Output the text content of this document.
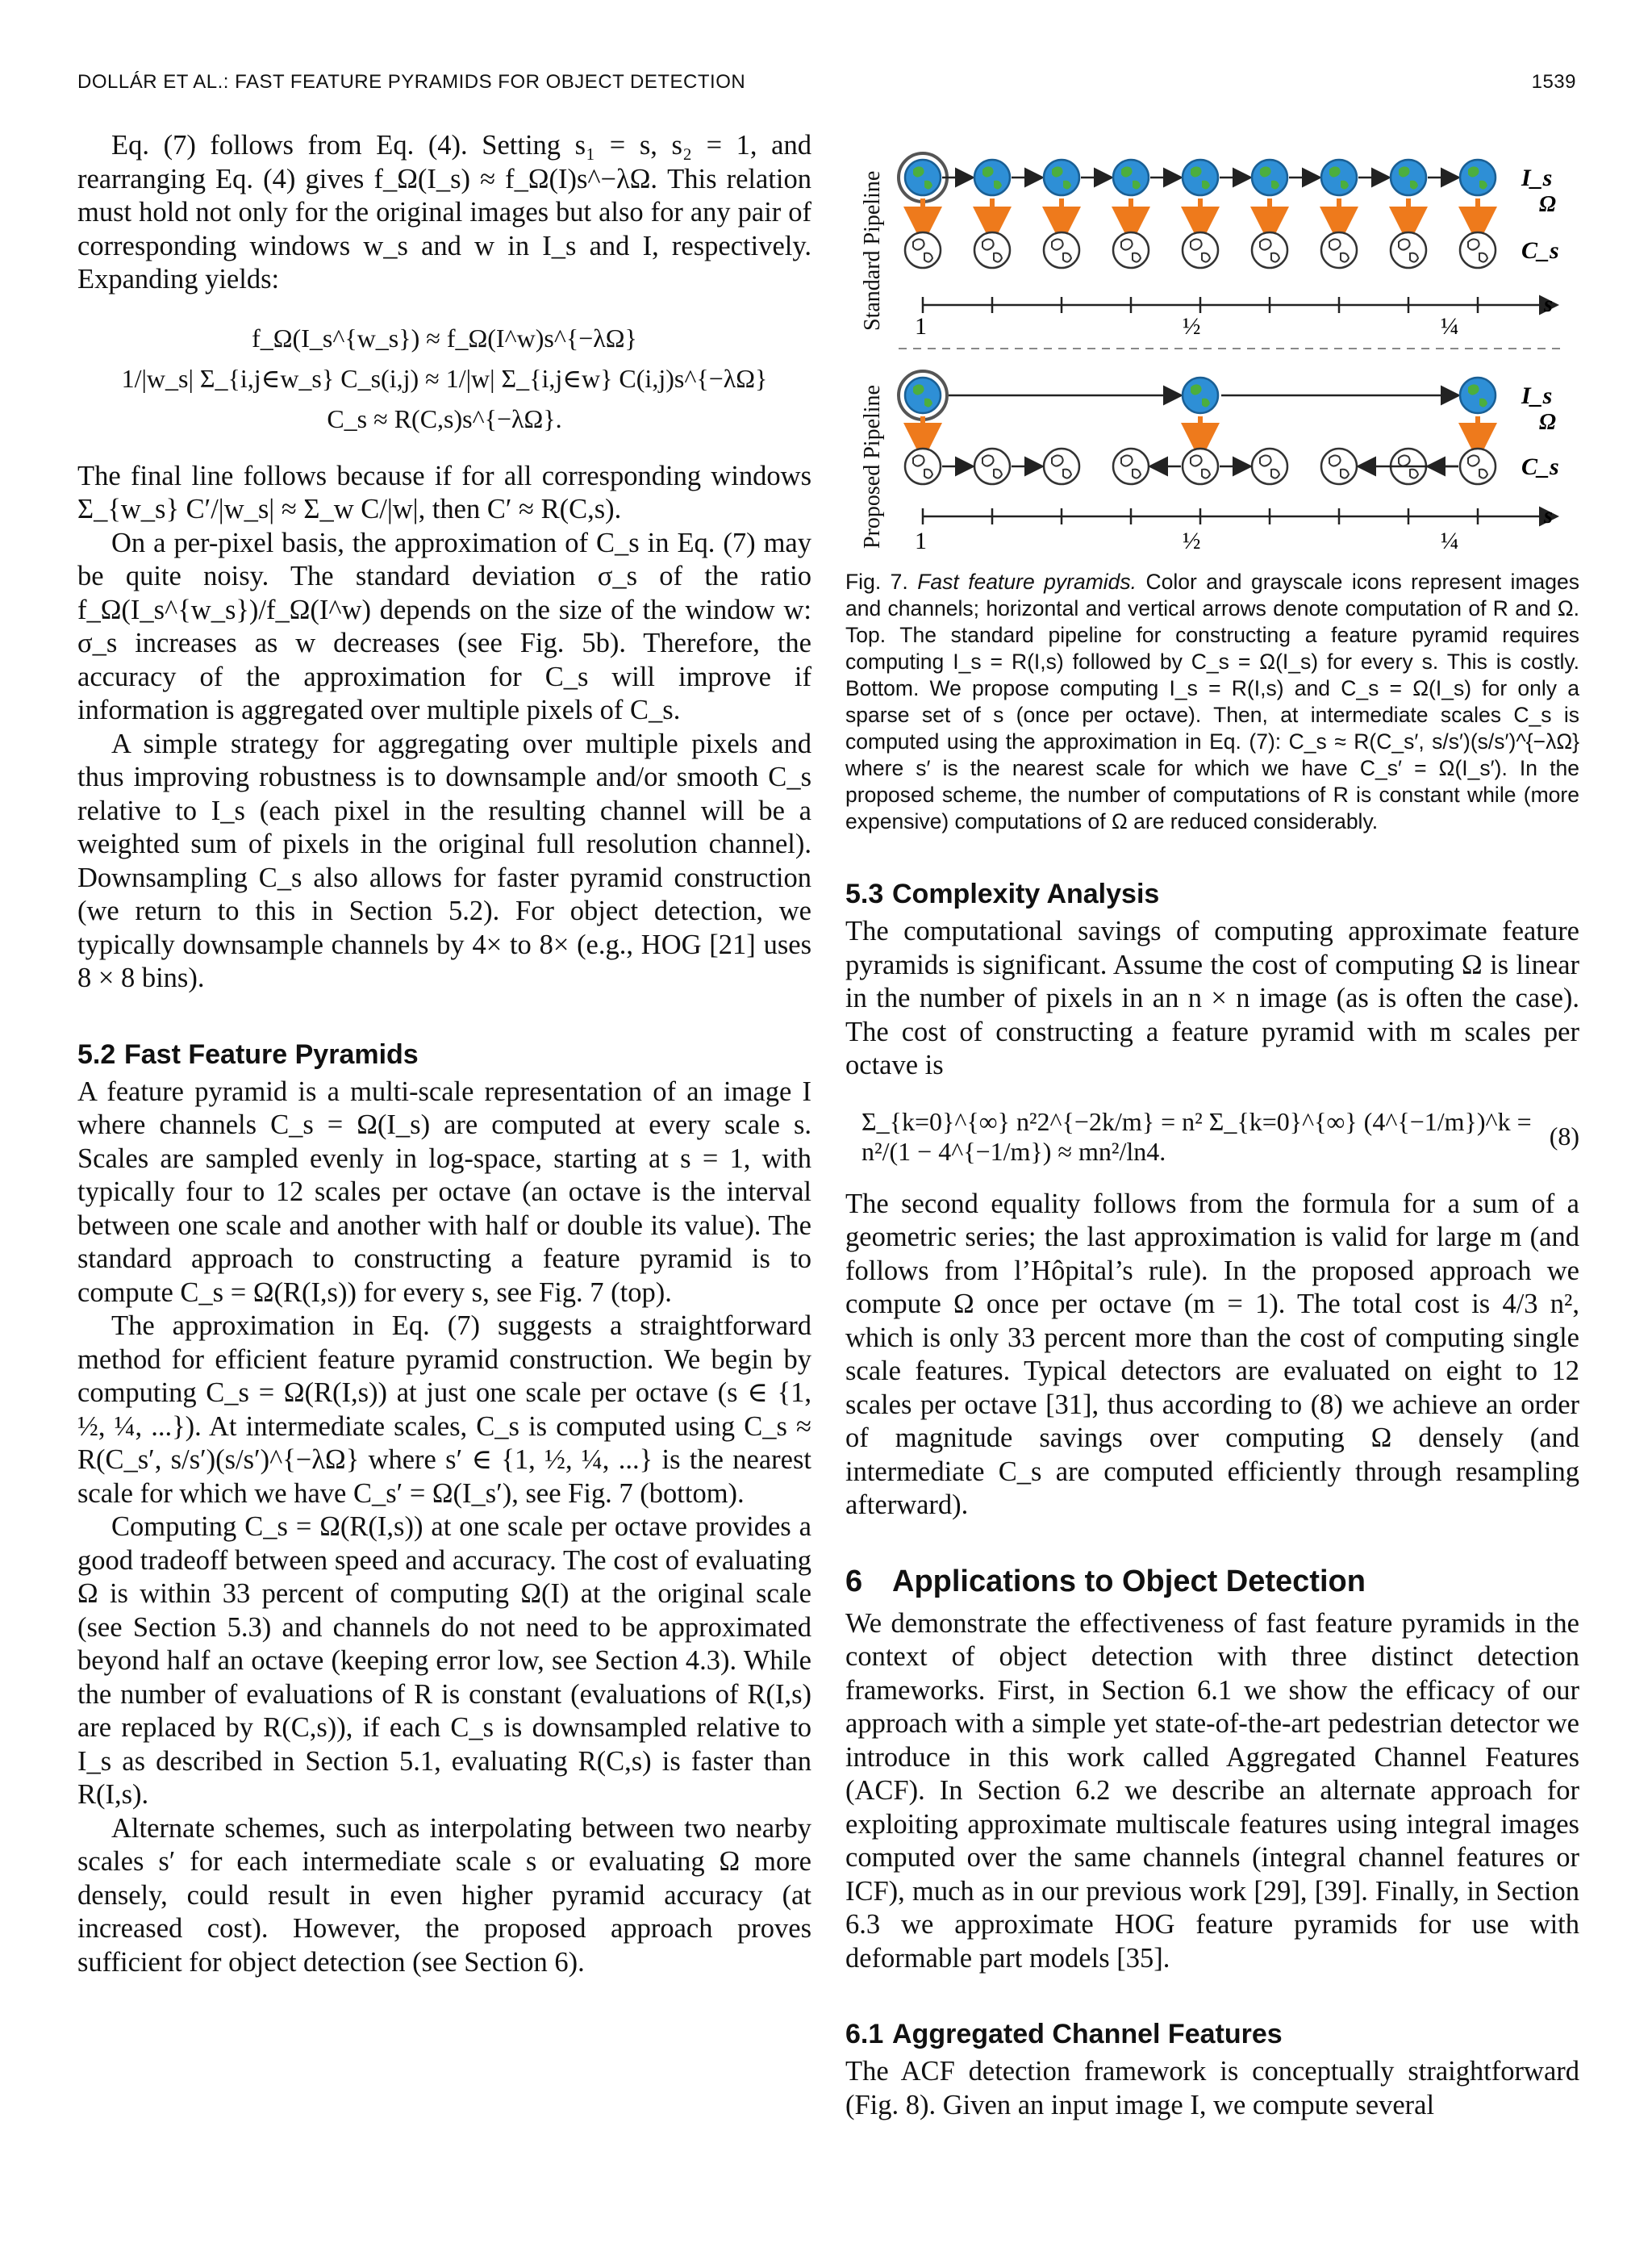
DOLLÁR ET AL.: FAST FEATURE PYRAMIDS FOR OBJECT DETECTION	1539

Eq. (7) follows from Eq. (4). Setting s₁ = s, s₂ = 1, and rearranging Eq. (4) gives f_Ω(I_s) ≈ f_Ω(I)s^−λΩ. This relation must hold not only for the original images but also for any pair of corresponding windows w_s and w in I_s and I, respectively. Expanding yields:

f_Ω(I_s^{w_s}) ≈ f_Ω(I^w)s^{−λΩ}
1/|w_s| Σ_{i,j∈w_s} C_s(i,j) ≈ 1/|w| Σ_{i,j∈w} C(i,j)s^{−λΩ}
C_s ≈ R(C,s)s^{−λΩ}.

The final line follows because if for all corresponding windows Σ_{w_s} C′/|w_s| ≈ Σ_w C/|w|, then C′ ≈ R(C,s).

On a per-pixel basis, the approximation of C_s in Eq. (7) may be quite noisy. The standard deviation σ_s of the ratio f_Ω(I_s^{w_s})/f_Ω(I^w) depends on the size of the window w: σ_s increases as w decreases (see Fig. 5b). Therefore, the accuracy of the approximation for C_s will improve if information is aggregated over multiple pixels of C_s.

A simple strategy for aggregating over multiple pixels and thus improving robustness is to downsample and/or smooth C_s relative to I_s (each pixel in the resulting channel will be a weighted sum of pixels in the original full resolution channel). Downsampling C_s also allows for faster pyramid construction (we return to this in Section 5.2). For object detection, we typically downsample channels by 4× to 8× (e.g., HOG [21] uses 8 × 8 bins).

5.2 Fast Feature Pyramids

A feature pyramid is a multi-scale representation of an image I where channels C_s = Ω(I_s) are computed at every scale s. Scales are sampled evenly in log-space, starting at s = 1, with typically four to 12 scales per octave (an octave is the interval between one scale and another with half or double its value). The standard approach to constructing a feature pyramid is to compute C_s = Ω(R(I,s)) for every s, see Fig. 7 (top).

The approximation in Eq. (7) suggests a straightforward method for efficient feature pyramid construction. We begin by computing C_s = Ω(R(I,s)) at just one scale per octave (s ∈ {1, ½, ¼, ...}). At intermediate scales, C_s is computed using C_s ≈ R(C_s′, s/s′)(s/s′)^{−λΩ} where s′ ∈ {1, ½, ¼, ...} is the nearest scale for which we have C_s′ = Ω(I_s′), see Fig. 7 (bottom).

Computing C_s = Ω(R(I,s)) at one scale per octave provides a good tradeoff between speed and accuracy. The cost of evaluating Ω is within 33 percent of computing Ω(I) at the original scale (see Section 5.3) and channels do not need to be approximated beyond half an octave (keeping error low, see Section 4.3). While the number of evaluations of R is constant (evaluations of R(I,s) are replaced by R(C,s)), if each C_s is downsampled relative to I_s as described in Section 5.1, evaluating R(C,s) is faster than R(I,s).

Alternate schemes, such as interpolating between two nearby scales s′ for each intermediate scale s or evaluating Ω more densely, could result in even higher pyramid accuracy (at increased cost). However, the proposed approach proves sufficient for object detection (see Section 6).

Standard Pipeline
Proposed Pipeline
I_s
Ω
C_s
s
I_s
Ω
C_s
s
1	½	¼
1	½	¼
Fig. 7. Fast feature pyramids. Color and grayscale icons represent images and channels; horizontal and vertical arrows denote computation of R and Ω. Top. The standard pipeline for constructing a feature pyramid requires computing I_s = R(I,s) followed by C_s = Ω(I_s) for every s. This is costly. Bottom. We propose computing I_s = R(I,s) and C_s = Ω(I_s) for only a sparse set of s (once per octave). Then, at intermediate scales C_s is computed using the approximation in Eq. (7): C_s ≈ R(C_s′, s/s′)(s/s′)^{−λΩ} where s′ is the nearest scale for which we have C_s′ = Ω(I_s′). In the proposed scheme, the number of computations of R is constant while (more expensive) computations of Ω are reduced considerably.
5.3 Complexity Analysis

The computational savings of computing approximate feature pyramids is significant. Assume the cost of computing Ω is linear in the number of pixels in an n × n image (as is often the case). The cost of constructing a feature pyramid with m scales per octave is

Σ_{k=0}^{∞} n²2^{−2k/m} = n² Σ_{k=0}^{∞} (4^{−1/m})^k = n²/(1 − 4^{−1/m}) ≈ mn²/ln4.
(8)

The second equality follows from the formula for a sum of a geometric series; the last approximation is valid for large m (and follows from l’Hôpital’s rule). In the proposed approach we compute Ω once per octave (m = 1). The total cost is 4/3 n², which is only 33 percent more than the cost of computing single scale features. Typical detectors are evaluated on eight to 12 scales per octave [31], thus according to (8) we achieve an order of magnitude savings over computing Ω densely (and intermediate C_s are computed efficiently through resampling afterward).

6 Applications to Object Detection

We demonstrate the effectiveness of fast feature pyramids in the context of object detection with three distinct detection frameworks. First, in Section 6.1 we show the efficacy of our approach with a simple yet state-of-the-art pedestrian detector we introduce in this work called Aggregated Channel Features (ACF). In Section 6.2 we describe an alternate approach for exploiting approximate multiscale features using integral images computed over the same channels (integral channel features or ICF), much as in our previous work [29], [39]. Finally, in Section 6.3 we approximate HOG feature pyramids for use with deformable part models [35].

6.1 Aggregated Channel Features

The ACF detection framework is conceptually straightforward (Fig. 8). Given an input image I, we compute several
